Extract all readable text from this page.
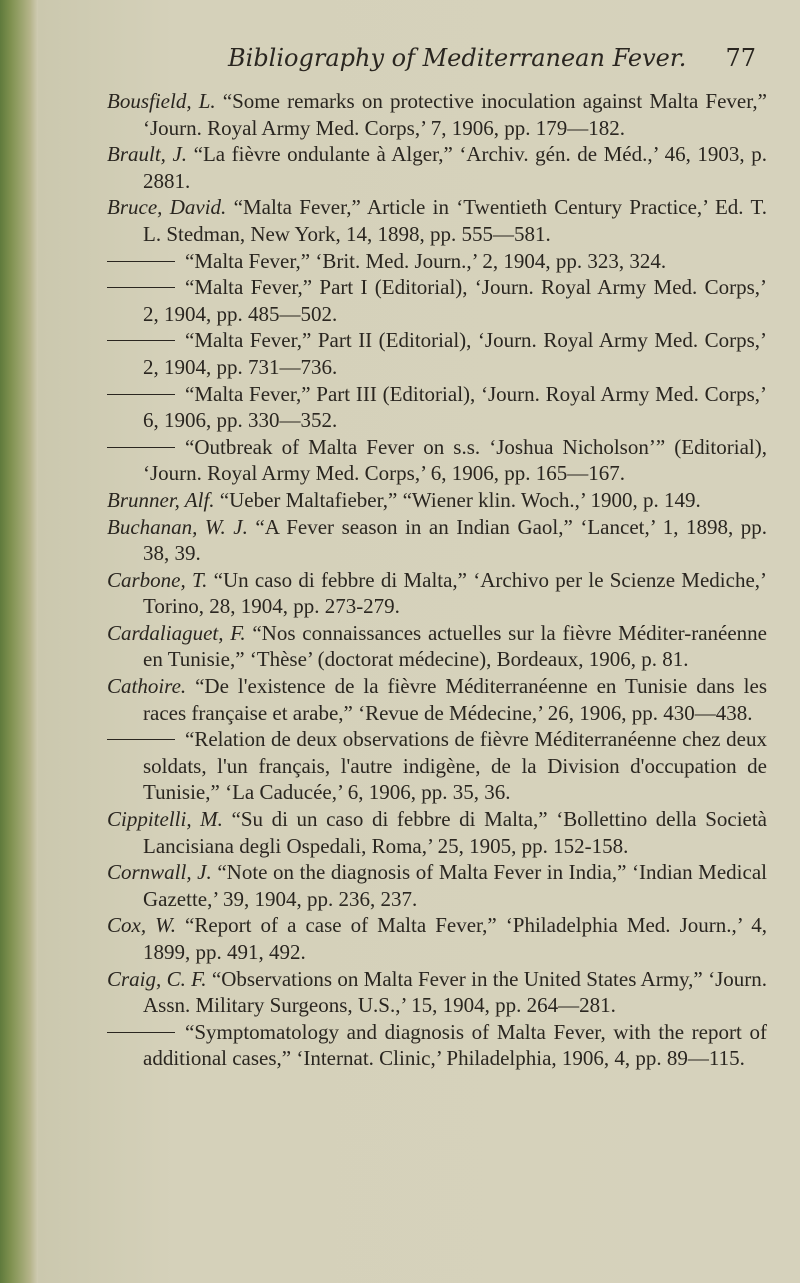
Bibliography of Mediterranean Fever. 77

Bousfield, L. “Some remarks on protective inoculation against Malta Fever,” ‘Journ. Royal Army Med. Corps,’ 7, 1906, pp. 179—182.

Brault, J. “La fièvre ondulante à Alger,” ‘Archiv. gén. de Méd.,’ 46, 1903, p. 2881.

Bruce, David. “Malta Fever,” Article in ‘Twentieth Century Practice,’ Ed. T. L. Stedman, New York, 14, 1898, pp. 555—581.

“Malta Fever,” ‘Brit. Med. Journ.,’ 2, 1904, pp. 323, 324.

“Malta Fever,” Part I (Editorial), ‘Journ. Royal Army Med. Corps,’ 2, 1904, pp. 485—502.

“Malta Fever,” Part II (Editorial), ‘Journ. Royal Army Med. Corps,’ 2, 1904, pp. 731—736.

“Malta Fever,” Part III (Editorial), ‘Journ. Royal Army Med. Corps,’ 6, 1906, pp. 330—352.

“Outbreak of Malta Fever on s.s. ‘Joshua Nicholson’” (Editorial), ‘Journ. Royal Army Med. Corps,’ 6, 1906, pp. 165—167.

Brunner, Alf. “Ueber Maltafieber,” “Wiener klin. Woch.,’ 1900, p. 149.

Buchanan, W. J. “A Fever season in an Indian Gaol,” ‘Lancet,’ 1, 1898, pp. 38, 39.

Carbone, T. “Un caso di febbre di Malta,” ‘Archivo per le Scienze Mediche,’ Torino, 28, 1904, pp. 273-279.

Cardaliaguet, F. “Nos connaissances actuelles sur la fièvre Méditer-ranéenne en Tunisie,” ‘Thèse’ (doctorat médecine), Bordeaux, 1906, p. 81.

Cathoire. “De l'existence de la fièvre Méditerranéenne en Tunisie dans les races française et arabe,” ‘Revue de Médecine,’ 26, 1906, pp. 430—438.

“Relation de deux observations de fièvre Méditerranéenne chez deux soldats, l'un français, l'autre indigène, de la Division d'occupation de Tunisie,” ‘La Caducée,’ 6, 1906, pp. 35, 36.

Cippitelli, M. “Su di un caso di febbre di Malta,” ‘Bollettino della Società Lancisiana degli Ospedali, Roma,’ 25, 1905, pp. 152-158.

Cornwall, J. “Note on the diagnosis of Malta Fever in India,” ‘Indian Medical Gazette,’ 39, 1904, pp. 236, 237.

Cox, W. “Report of a case of Malta Fever,” ‘Philadelphia Med. Journ.,’ 4, 1899, pp. 491, 492.

Craig, C. F. “Observations on Malta Fever in the United States Army,” ‘Journ. Assn. Military Surgeons, U.S.,’ 15, 1904, pp. 264—281.

“Symptomatology and diagnosis of Malta Fever, with the report of additional cases,” ‘Internat. Clinic,’ Philadelphia, 1906, 4, pp. 89—115.
